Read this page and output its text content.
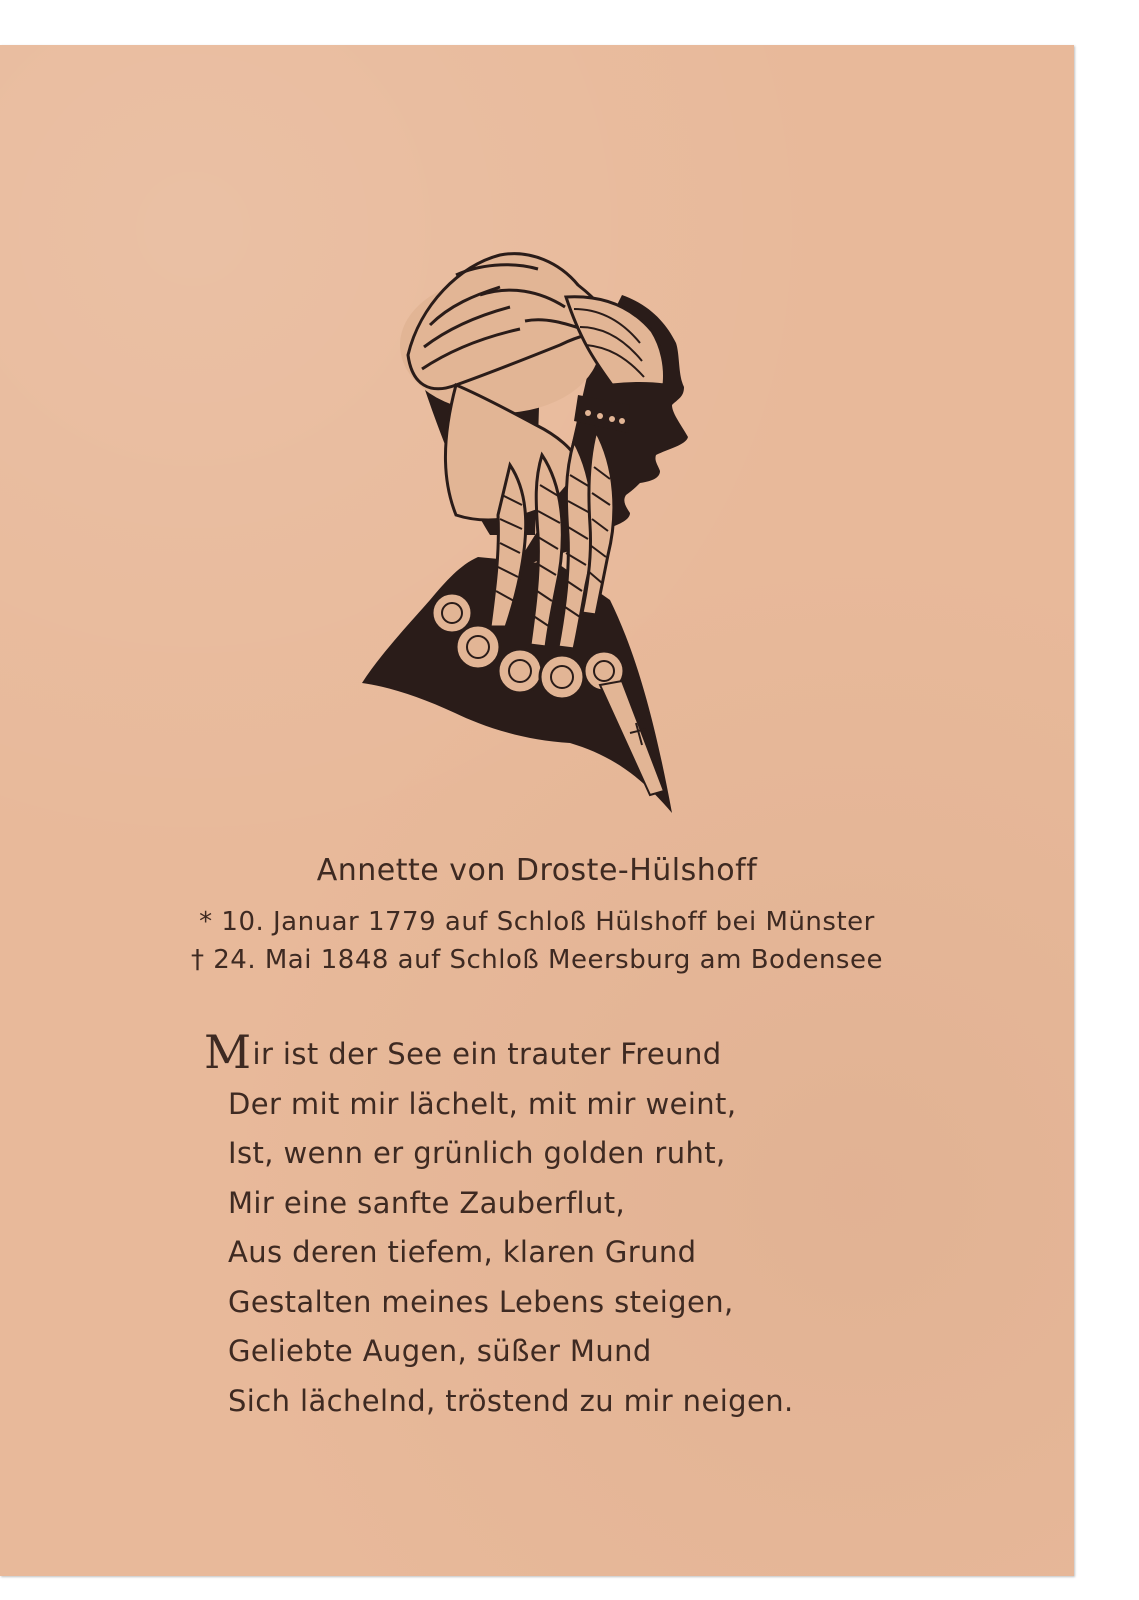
Annette von Droste-Hülshoff
* 10. Januar 1779 auf Schloß Hülshoff bei Münster
† 24. Mai 1848 auf Schloß Meersburg am Bodensee
Mir ist der See ein trauter Freund
Der mit mir lächelt, mit mir weint,
Ist, wenn er grünlich golden ruht,
Mir eine sanfte Zauberflut,
Aus deren tiefem, klaren Grund
Gestalten meines Lebens steigen,
Geliebte Augen, süßer Mund
Sich lächelnd, tröstend zu mir neigen.
